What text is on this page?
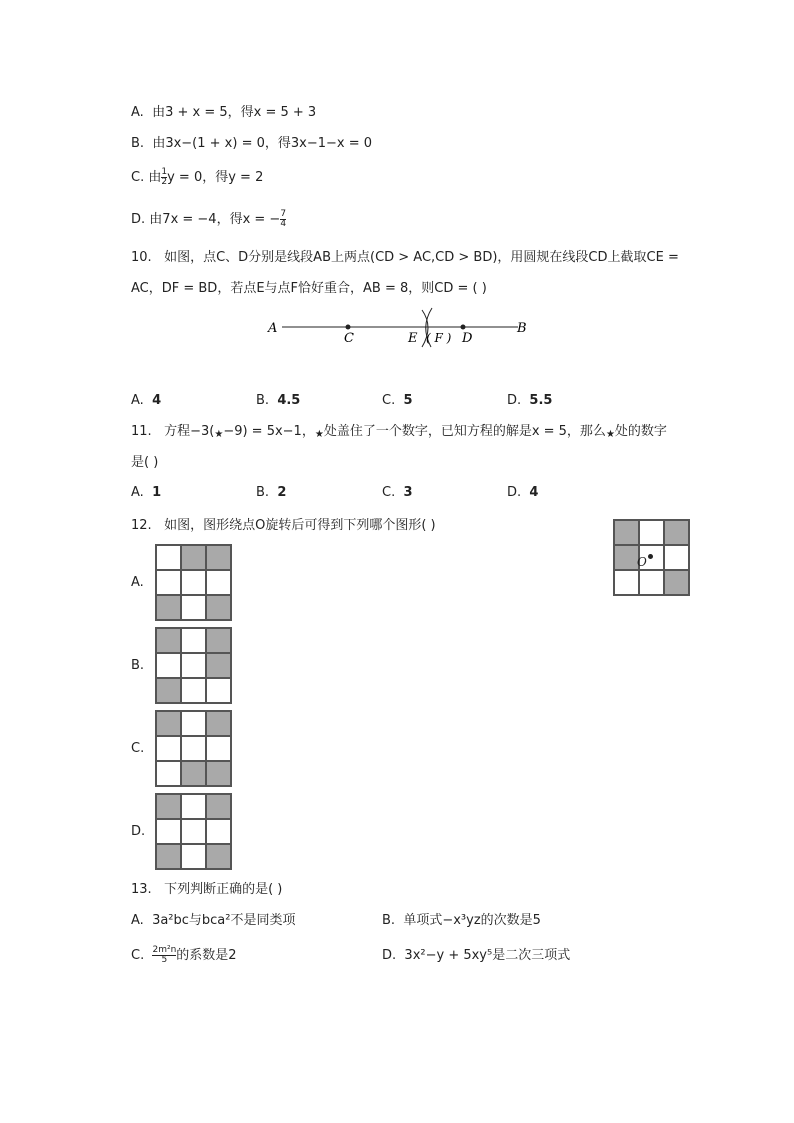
A. 由3 + x = 5，得x = 5 + 3
B. 由3x−(1 + x) = 0，得3x−1−x = 0
C. 由 $\frac{1}{2}$ y = 0，得y = 2
D. 由7x = −4，得x = − $\frac{7}{4}$
10. 如图，点C、D分别是线段AB上两点(CD > AC,CD > BD)，用圆规在线段CD上截取CE =
AC，DF = BD，若点E与点F恰好重合，AB = 8，则CD = ( )
A
C	E ( F ) D
B
A. 4	B. 4.5	C. 5	D. 5.5
11. 方程−3(★−9) = 5x−1，★处盖住了一个数字，已知方程的解是x = 5，那么★处的数字
是( )
A. 1	B. 2	C. 3	D. 4
12. 如图，图形绕点O旋转后可得到下列哪个图形( )
O
A.
B.
C.
D.
13. 下列判断正确的是( )
A. 3a²bc与bca²不是同类项	B. 单项式−x³yz的次数是5
C. $\frac{\text{2m²n}}{5}$ 的系数是2	D. 3x²−y + 5xy⁵是二次三项式
